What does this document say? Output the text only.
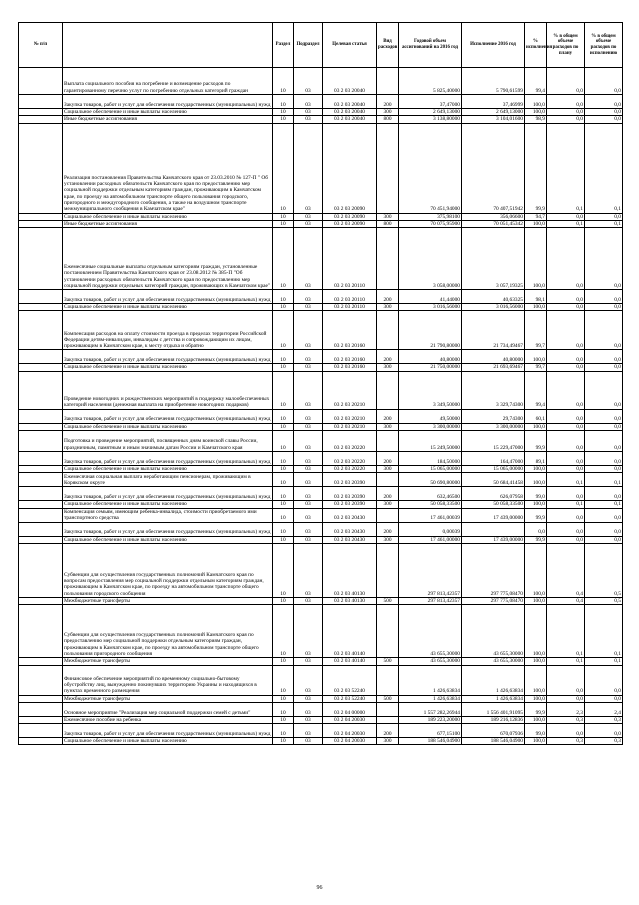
№ п/п		Раздел	Подраздел	Целевая статья	Вид расходов	Годовой объем ассигнований на 2016 год	Исполнение 2016 год	% исполнения	% в общем объеме расходов по плану	% в общем объеме расходов по исполнению
	Выплата социального пособия на погребение и возмещение расходов по гарантированному перечню услуг по погребению отдельных категорий граждан	10	03	03 2 03 20040		5 825,40000	5 790,61599	99,4	0,0	0,0
	Закупка товаров, работ и услуг для обеспечения государственных (муниципальных) нужд	10	03	03 2 03 20040	200	37,47000	37,46999	100,0	0,0	0,0
	Социальное обеспечение и иные выплаты населению	10	03	03 2 03 20040	300	2 649,13000	2 649,13000	100,0	0,0	0,0
	Иные бюджетные ассигнования	10	03	03 2 03 20040	800	3 138,80000	3 104,01600	98,9	0,0	0,0
	Реализация постановления Правительства Камчатского края от 23.03.2010 № 127-П " Об установлении расходных обязательств Камчатского края по предоставлению мер социальной поддержки отдельным категориям граждан, проживающим в Камчатском крае, по проезду на автомобильном транспорте общего пользования городского, пригородного и междугородного сообщения, а также на воздушном транспорте межмуниципального сообщения в Камчатском крае"	10	03	03 2 03 20090		70 451,94000	70 407,51942	99,9	0,1	0,1
	Социальное обеспечение и иные выплаты населению	10	03	03 2 03 20090	300	375,98100	356,06600	94,7	0,0	0,0
	Иные бюджетные ассигнования	10	03	03 2 03 20090	800	70 075,95900	70 051,45342	100,0	0,1	0,1
	Ежемесячные социальные выплаты отдельным категориям граждан, установленные постановлением Правительства Камчатского края от 23.08.2012 № 385-П "Об установлении расходных обязательств Камчатского края по предоставлению мер социальной поддержки отдельных категорий граждан, проживающих в Камчатском крае"	10	03	03 2 03 20110		3 058,00000	3 057,19325	100,0	0,0	0,0
	Закупка товаров, работ и услуг для обеспечения государственных (муниципальных) нужд	10	03	03 2 03 20110	200	41,44000	40,63325	98,1	0,0	0,0
	Социальное обеспечение и иные выплаты населению	10	03	03 2 03 20110	300	3 016,56000	3 016,56000	100,0	0,0	0,0
	Компенсация расходов на оплату стоимости проезда в пределах территории Российской Федерации детям-инвалидам, инвалидам с детства и сопровождающим их лицам, проживающим в Камчатском крае, к месту отдыха и обратно	10	03	03 2 03 20160		21 790,80000	21 734,49467	99,7	0,0	0,0
	Закупка товаров, работ и услуг для обеспечения государственных (муниципальных) нужд	10	03	03 2 03 20160	200	40,80000	40,80000	100,0	0,0	0,0
	Социальное обеспечение и иные выплаты населению	10	03	03 2 03 20160	300	21 750,00000	21 693,69467	99,7	0,0	0,0
	Проведение новогодних и рождественских мероприятий в поддержку малообеспеченных категорий населения (денежная выплата на приобретение новогодних подарков)	10	03	03 2 03 20210		3 349,50000	3 329,74300	99,4	0,0	0,0
	Закупка товаров, работ и услуг для обеспечения государственных (муниципальных) нужд	10	03	03 2 03 20210	200	49,50000	29,74300	60,1	0,0	0,0
	Социальное обеспечение и иные выплаты населению	10	03	03 2 03 20210	300	3 300,00000	3 300,00000	100,0	0,0	0,0
	Подготовка и проведение мероприятий, посвященных дням воинской славы России, праздничным, памятным и иным значимым датам России и Камчатского края	10	03	03 2 03 20220		15 249,50000	15 229,47000	99,9	0,0	0,0
	Закупка товаров, работ и услуг для обеспечения государственных (муниципальных) нужд	10	03	03 2 03 20220	200	184,50000	164,47000	89,1	0,0	0,0
	Социальное обеспечение и иные выплаты населению	10	03	03 2 03 20220	300	15 065,00000	15 065,00000	100,0	0,0	0,0
	Ежемесячная социальная выплата неработающим пенсионерам, проживающим в Корякском округе	10	03	03 2 03 20390		50 690,80000	50 684,41458	100,0	0,1	0,1
	Закупка товаров, работ и услуг для обеспечения государственных (муниципальных) нужд	10	03	03 2 03 20390	200	632,46500	626,07958	99,0	0,0	0,0
	Социальное обеспечение и иные выплаты населению	10	03	03 2 03 20390	300	50 058,33500	50 058,33500	100,0	0,1	0,1
	Компенсация семьям, имеющим ребенка-инвалида, стоимости приобретаемого ими транспортного средства	10	03	03 2 03 20430		17 461,00039	17 439,00000	99,9	0,0	0,0
	Закупка товаров, работ и услуг для обеспечения государственных (муниципальных) нужд	10	03	03 2 03 20430	200	0,00039		0,0	0,0	0,0
	Социальное обеспечение и иные выплаты населению	10	03	03 2 03 20430	300	17 461,00000	17 439,00000	99,9	0,0	0,0
	Субвенции для осуществления государственных полномочий Камчатского края по вопросам предоставления мер социальной поддержки отдельным категориям граждан, проживающим в Камчатском крае, по проезду на автомобильном транспорте общего пользования городского сообщения	10	03	03 2 03 40130		297 813,42357	297 775,08470	100,0	0,4	0,5
	Межбюджетные трансферты	10	03	03 2 03 40130	500	297 813,42357	297 775,08470	100,0	0,4	0,5
	Субвенции для осуществления государственных полномочий Камчатского края по предоставлению мер социальной поддержки отдельным категориям граждан, проживающим в Камчатском крае, по проезду на автомобильном транспорте общего пользования пригородного сообщения	10	03	03 2 03 40140		43 655,30000	43 655,30000	100,0	0,1	0,1
	Межбюджетные трансферты	10	03	03 2 03 40140	500	43 655,30000	43 655,30000	100,0	0,1	0,1
	Финансовое обеспечение мероприятий по временному социально-бытовому обустройству лиц, вынужденно покинувших территорию Украины и находящихся в пунктах временного размещения	10	03	03 2 03 52240		1 426,63834	1 426,63834	100,0	0,0	0,0
	Межбюджетные трансферты	10	03	03 2 03 52240	500	1 426,63834	1 426,63834	100,0	0,0	0,0
	Основное мероприятие "Реализация мер социальной поддержки семей с детьми"	10	03	03 2 04 00000		1 557 282,26944	1 556 401,91095	99,9	2,3	2,4
	Ежемесячное пособие на ребенка	10	03	03 2 04 20030		189 223,20000	189 216,12836	100,0	0,3	0,3
	Закупка товаров, работ и услуг для обеспечения государственных (муниципальных) нужд	10	03	03 2 04 20030	200	677,15100	670,07936	99,0	0,0	0,0
	Социальное обеспечение и иные выплаты населению	10	03	03 2 04 20030	300	188 546,04900	188 546,04900	100,0	0,3	0,3
96
